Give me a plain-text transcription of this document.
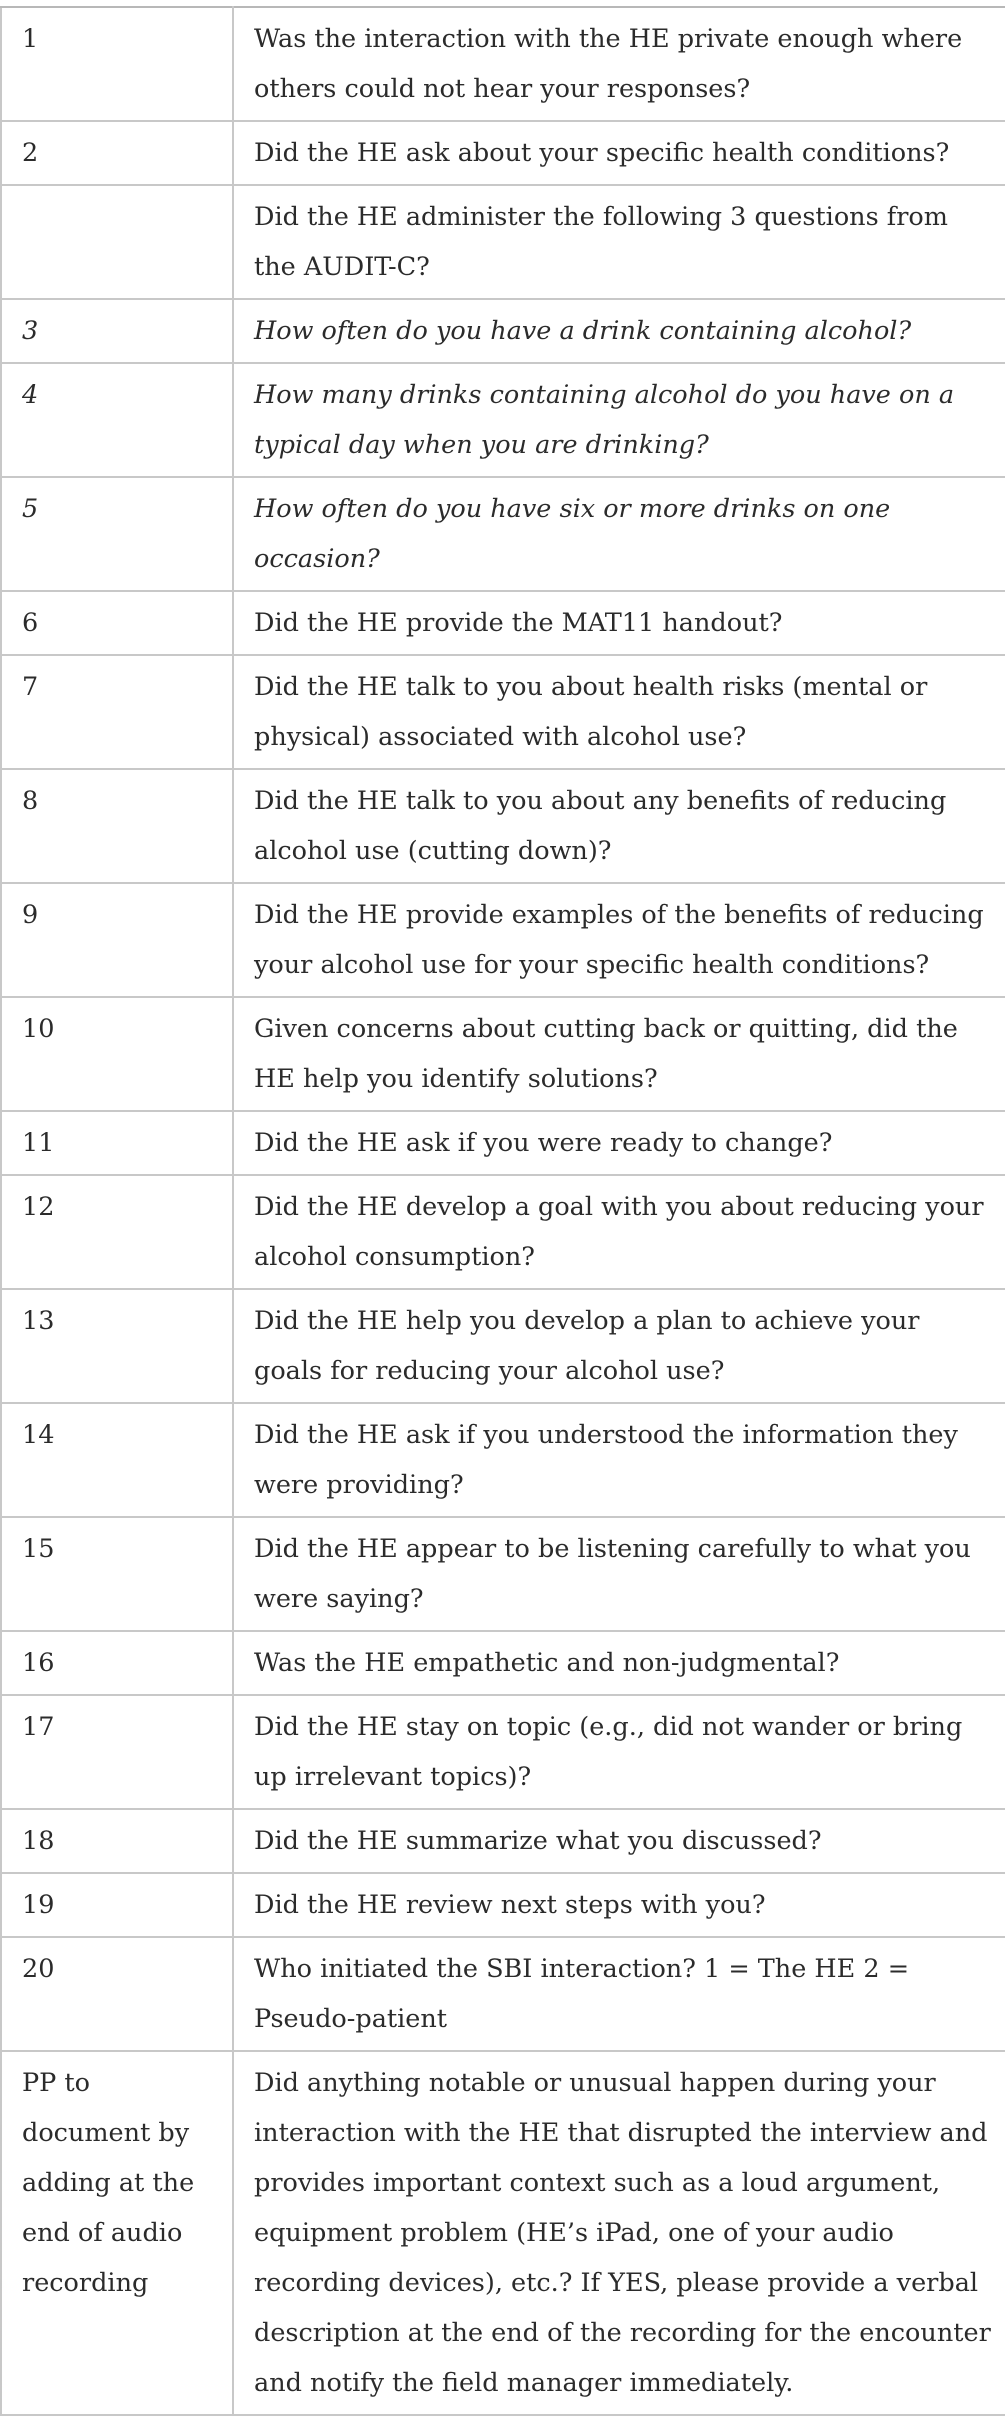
1	Was the interaction with the HE private enough where others could not hear your responses?
2	Did the HE ask about your specific health conditions?
	Did the HE administer the following 3 questions from the AUDIT-C?
3	How often do you have a drink containing alcohol?
4	How many drinks containing alcohol do you have on a typical day when you are drinking?
5	How often do you have six or more drinks on one occasion?
6	Did the HE provide the MAT11 handout?
7	Did the HE talk to you about health risks (mental or physical) associated with alcohol use?
8	Did the HE talk to you about any benefits of reducing alcohol use (cutting down)?
9	Did the HE provide examples of the benefits of reducing your alcohol use for your specific health conditions?
10	Given concerns about cutting back or quitting, did the HE help you identify solutions?
11	Did the HE ask if you were ready to change?
12	Did the HE develop a goal with you about reducing your alcohol consumption?
13	Did the HE help you develop a plan to achieve your goals for reducing your alcohol use?
14	Did the HE ask if you understood the information they were providing?
15	Did the HE appear to be listening carefully to what you were saying?
16	Was the HE empathetic and non-judgmental?
17	Did the HE stay on topic (e.g., did not wander or bring up irrelevant topics)?
18	Did the HE summarize what you discussed?
19	Did the HE review next steps with you?
20	Who initiated the SBI interaction? 1 = The HE 2 = Pseudo-patient
PP to document by adding at the end of audio recording	Did anything notable or unusual happen during your interaction with the HE that disrupted the interview and provides important context such as a loud argument, equipment problem (HE’s iPad, one of your audio recording devices), etc.? If YES, please provide a verbal description at the end of the recording for the encounter and notify the field manager immediately.
